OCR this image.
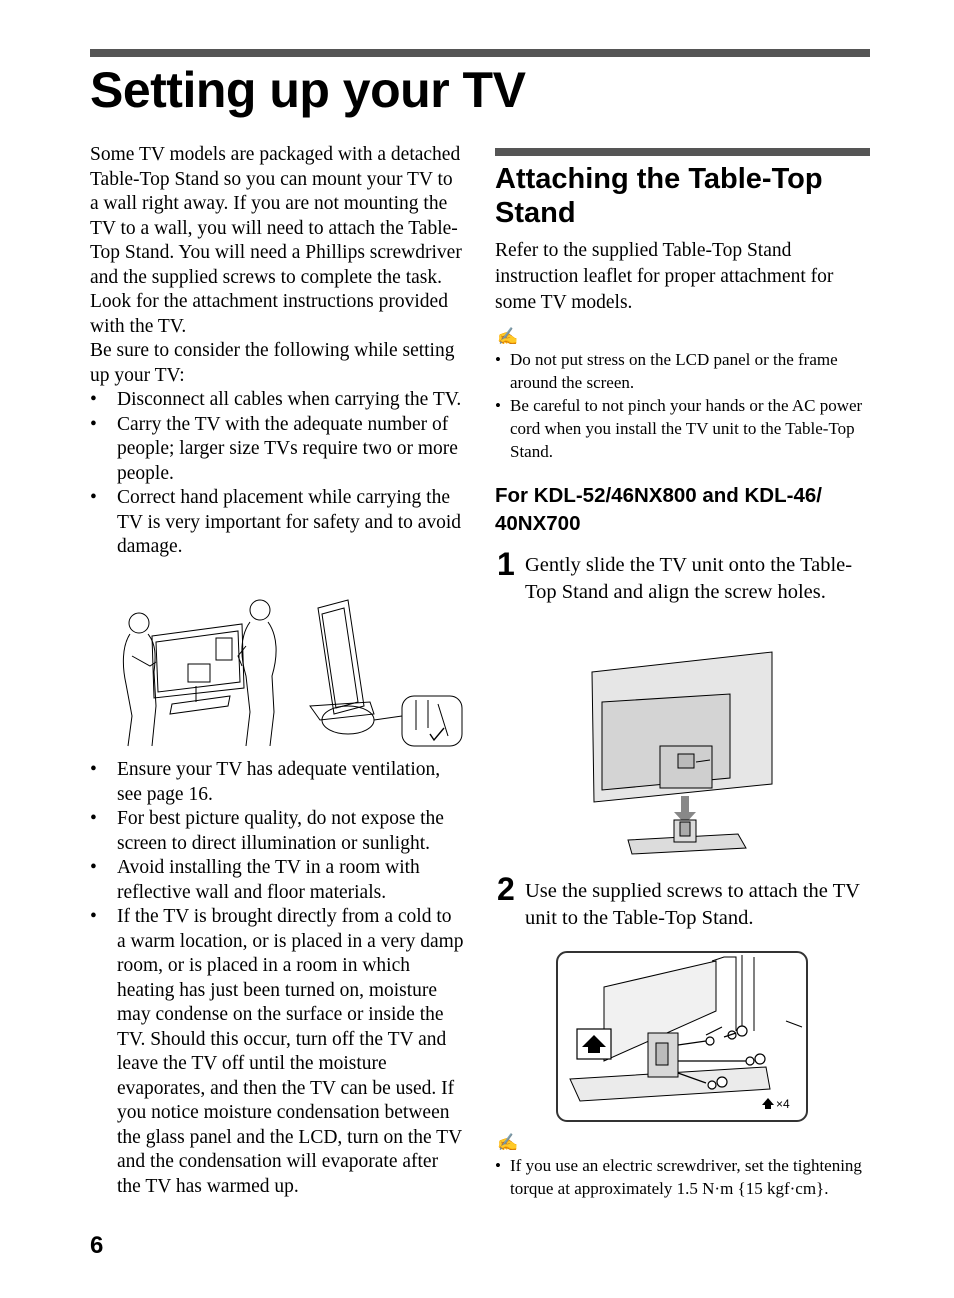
Setting up your TV

Some TV models are packaged with a detached Table-Top Stand so you can mount your TV to a wall right away. If you are not mounting the TV to a wall, you will need to attach the Table-Top Stand. You will need a Phillips screwdriver and the supplied screws to complete the task. Look for the attachment instructions provided with the TV.

Be sure to consider the following while setting up your TV:

• Disconnect all cables when carrying the TV.
• Carry the TV with the adequate number of people; larger size TVs require two or more people.
• Correct hand placement while carrying the TV is very important for safety and to avoid damage.
• Ensure your TV has adequate ventilation, see page 16.
• For best picture quality, do not expose the screen to direct illumination or sunlight.
• Avoid installing the TV in a room with reflective wall and floor materials.
• If the TV is brought directly from a cold to a warm location, or is placed in a very damp room, or is placed in a room in which heating has just been turned on, moisture may condense on the surface or inside the TV. Should this occur, turn off the TV and leave the TV off until the moisture evaporates, and then the TV can be used. If you notice moisture condensation between the glass panel and the LCD, turn on the TV and the condensation will evaporate after the TV has warmed up.
Attaching the Table-Top Stand

Refer to the supplied Table-Top Stand instruction leaflet for proper attachment for some TV models.

✍
• Do not put stress on the LCD panel or the frame around the screen.
• Be careful to not pinch your hands or the AC power cord when you install the TV unit to the Table-Top Stand.
For KDL-52/46NX800 and KDL-46/ 40NX700
1 Gently slide the TV unit onto the Table-Top Stand and align the screw holes.

2 Use the supplied screws to attach the TV unit to the Table-Top Stand.

×4
✍
• If you use an electric screwdriver, set the tightening torque at approximately 1.5 N·m {15 kgf·cm}.
6
